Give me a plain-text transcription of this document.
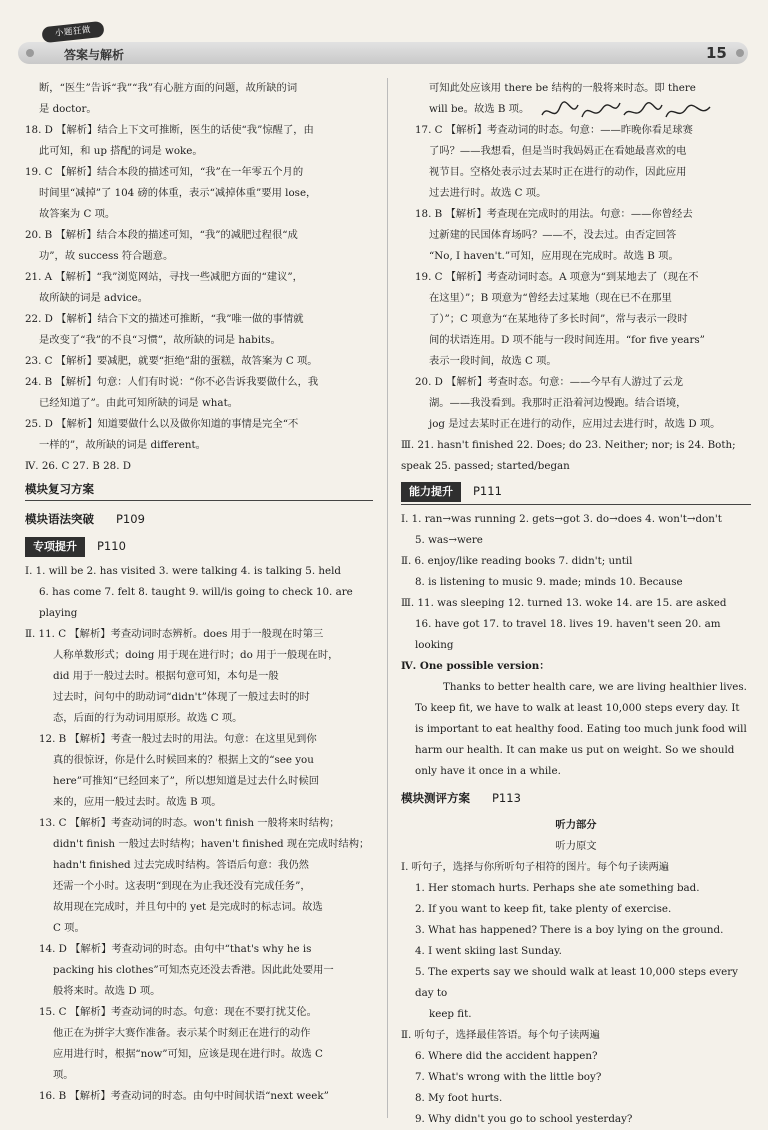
小题狂做
答案与解析	15

断，“医生”告诉“我”“我”有心脏方面的问题，故所缺的词

是 doctor。

18. D 【解析】结合上下文可推断，医生的话使“我”惊醒了，由

此可知，和 up 搭配的词是 woke。

19. C 【解析】结合本段的描述可知，“我”在一年零五个月的

时间里“减掉”了 104 磅的体重，表示“减掉体重”要用 lose，

故答案为 C 项。

20. B 【解析】结合本段的描述可知，“我”的减肥过程很“成

功”，故 success 符合题意。

21. A 【解析】“我”浏览网站，寻找一些减肥方面的“建议”，

故所缺的词是 advice。

22. D 【解析】结合下文的描述可推断，“我”唯一做的事情就

是改变了“我”的不良“习惯”，故所缺的词是 habits。

23. C 【解析】要减肥，就要“拒绝”甜的蛋糕，故答案为 C 项。

24. B 【解析】句意：人们有时说：“你不必告诉我要做什么，我

已经知道了”。由此可知所缺的词是 what。

25. D 【解析】知道要做什么以及做你知道的事情是完全“不

一样的”，故所缺的词是 different。

Ⅳ. 26. C 27. B 28. D

模块复习方案
模块语法突破 P109
专项提升	P110

Ⅰ. 1. will be 2. has visited 3. were talking 4. is talking 5. held

6. has come 7. felt 8. taught 9. will/is going to check 10. are

playing

Ⅱ. 11. C 【解析】考查动词时态辨析。does 用于一般现在时第三

人称单数形式；doing 用于现在进行时；do 用于一般现在时，

did 用于一般过去时。根据句意可知，本句是一般

过去时，问句中的助动词“didn't”体现了一般过去时的时

态，后面的行为动词用原形。故选 C 项。

12. B 【解析】考查一般过去时的用法。句意：在这里见到你

真的很惊讶，你是什么时候回来的？根据上文的“see you

here”可推知“已经回来了”，所以想知道是过去什么时候回

来的，应用一般过去时。故选 B 项。

13. C 【解析】考查动词的时态。won't finish 一般将来时结构；

didn't finish 一般过去时结构；haven't finished 现在完成时结构；

hadn't finished 过去完成时结构。答语后句意：我仍然

还需一个小时。这表明“到现在为止我还没有完成任务”，

故用现在完成时，并且句中的 yet 是完成时的标志词。故选

C 项。

14. D 【解析】考查动词的时态。由句中“that's why he is

packing his clothes”可知杰克还没去香港。因此此处要用一

般将来时。故选 D 项。

15. C 【解析】考查动词的时态。句意：现在不要打扰艾伦。

他正在为拼字大赛作准备。表示某个时刻正在进行的动作

应用进行时，根据“now”可知，应该是现在进行时。故选 C

项。

16. B 【解析】考查动词的时态。由句中时间状语“next week”

可知此处应该用 there be 结构的一般将来时态。即 there

will be。故选 B 项。

17. C 【解析】考查动词的时态。句意：——昨晚你看足球赛

了吗？——我想看，但是当时我妈妈正在看她最喜欢的电

视节目。空格处表示过去某时正在进行的动作，因此应用

过去进行时。故选 C 项。

18. B 【解析】考查现在完成时的用法。句意：——你曾经去

过新建的民国体育场吗？——不，没去过。由否定回答

“No, I haven't.”可知，应用现在完成时。故选 B 项。

19. C 【解析】考查动词时态。A 项意为“到某地去了（现在不

在这里）”；B 项意为“曾经去过某地（现在已不在那里

了）”；C 项意为“在某地待了多长时间”，常与表示一段时

间的状语连用。D 项不能与一段时间连用。“for five years”

表示一段时间，故选 C 项。

20. D 【解析】考查时态。句意：——今早有人游过了云龙

湖。——我没看到。我那时正沿着河边慢跑。结合语境，

jog 是过去某时正在进行的动作，应用过去进行时，故选 D 项。

Ⅲ. 21. hasn't finished 22. Does; do 23. Neither; nor; is 24. Both;

speak 25. passed; started/began

能力提升	P111

Ⅰ. 1. ran→was running 2. gets→got 3. do→does 4. won't→don't

5. was→were

Ⅱ. 6. enjoy/like reading books 7. didn't; until

8. is listening to music 9. made; minds 10. Because

Ⅲ. 11. was sleeping 12. turned 13. woke 14. are 15. are asked

16. have got 17. to travel 18. lives 19. haven't seen 20. am

looking

Ⅳ. One possible version：

Thanks to better health care, we are living healthier lives. To keep fit, we have to walk at least 10,000 steps every day. It is important to eat healthy food. Eating too much junk food will harm our health. It can make us put on weight. So we should only have it once in a while.

模块测评方案 P113

听力部分

听力原文

Ⅰ. 听句子，选择与你所听句子相符的图片。每个句子读两遍

1. Her stomach hurts. Perhaps she ate something bad.

2. If you want to keep fit, take plenty of exercise.

3. What has happened? There is a boy lying on the ground.

4. I went skiing last Sunday.

5. The experts say we should walk at least 10,000 steps every day to

keep fit.

Ⅱ. 听句子，选择最佳答语。每个句子读两遍

6. Where did the accident happen?

7. What's wrong with the little boy?

8. My foot hurts.

9. Why didn't you go to school yesterday?
